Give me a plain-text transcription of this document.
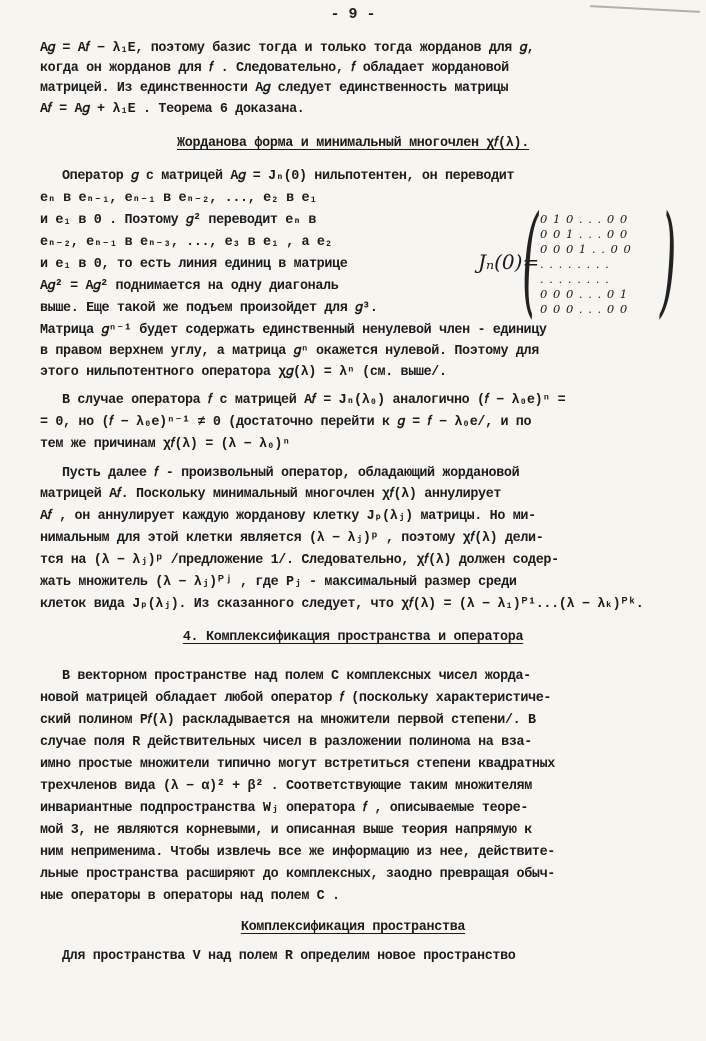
- 9 -
A𝑔 = A𝑓 − λ₁E, поэтому базис тогда и только тогда жорданов для 𝑔,
когда он жорданов для 𝑓 . Следовательно, 𝑓 обладает жордановой
матрицей. Из единственности A𝑔 следует единственность матрицы
A𝑓 = A𝑔 + λ₁E . Теорема 6 доказана.
Жорданова форма и минимальный многочлен χ𝑓(λ).
Оператор 𝑔 с матрицей A𝑔 = Jₙ(0) нильпотентен, он переводит
eₙ в eₙ₋₁, eₙ₋₁ в eₙ₋₂, ..., e₂ в e₁
и e₁ в 0 . Поэтому 𝑔² переводит eₙ в
eₙ₋₂, eₙ₋₁ в eₙ₋₃, ..., e₃ в e₁ , а e₂
и e₁ в 0, то есть линия единиц в матрице
A𝑔² = A𝑔² поднимается на одну диагональ
выше. Еще такой же подъем произойдет для 𝑔³.
Матрица 𝑔ⁿ⁻¹ будет содержать единственный ненулевой член - единицу
в правом верхнем углу, а матрица 𝑔ⁿ окажется нулевой. Поэтому для
этого нильпотентного оператора χ𝑔(λ) = λⁿ (см. выше/.
Jₙ(0)=
( 0 1 0 . . . 0 0
0 0 1 . . . 0 0
0 0 0 1 . . 0 0
. . . . . . . .
. . . . . . . .
0 0 0 . . . 0 1
0 0 0 . . . 0 0 )
В случае оператора 𝑓 с матрицей A𝑓 = Jₙ(λ₀) аналогично (𝑓 − λ₀e)ⁿ =
= 0, но (𝑓 − λ₀e)ⁿ⁻¹ ≠ 0 (достаточно перейти к 𝑔 = 𝑓 − λ₀e/, и по
тем же причинам χ𝑓(λ) = (λ − λ₀)ⁿ
Пусть далее 𝑓 - произвольный оператор, обладающий жордановой
матрицей A𝑓. Поскольку минимальный многочлен χ𝑓(λ) аннулирует
A𝑓 , он аннулирует каждую жорданову клетку Jₚ(λⱼ) матрицы. Но ми-
нимальным для этой клетки является (λ − λⱼ)ᵖ , поэтому χ𝑓(λ) дели-
тся на (λ − λⱼ)ᵖ /предложение 1/. Следовательно, χ𝑓(λ) должен содер-
жать множитель (λ − λⱼ)ᴾʲ , где Pⱼ - максимальный размер среди
клеток вида Jₚ(λⱼ). Из сказанного следует, что χ𝑓(λ) = (λ − λ₁)ᴾ¹...(λ − λₖ)ᴾᵏ.
4. Комплексификация пространства и оператора
В векторном пространстве над полем C комплексных чисел жорда-
новой матрицей обладает любой оператор 𝑓 (поскольку характеристиче-
ский полином P𝑓(λ) раскладывается на множители первой степени/. В
случае поля R действительных чисел в разложении полинома на вза-
имно простые множители типично могут встретиться степени квадратных
трехчленов вида (λ − α)² + β² . Соответствующие таким множителям
инвариантные подпространства Wⱼ оператора 𝑓 , описываемые теоре-
мой 3, не являются корневыми, и описанная выше теория напрямую к
ним неприменима. Чтобы извлечь все же информацию из нее, действите-
льные пространства расширяют до комплексных, заодно превращая обыч-
ные операторы в операторы над полем C .
Комплексификация пространства
Для пространства V над полем R определим новое пространство
